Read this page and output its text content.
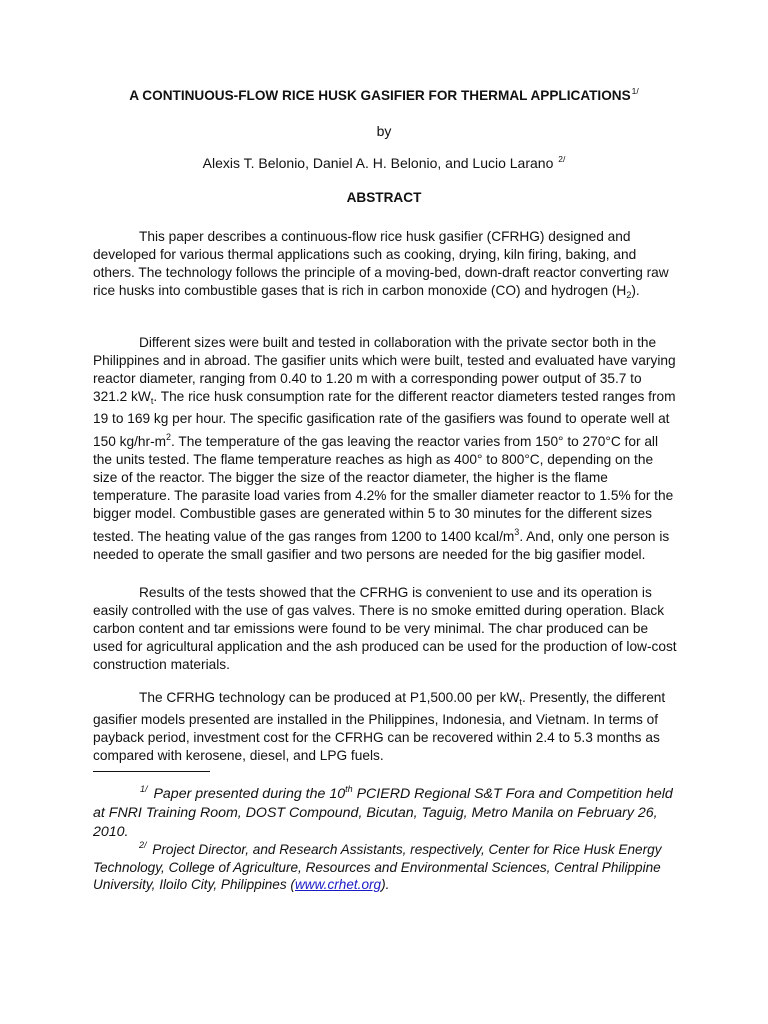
A CONTINUOUS-FLOW RICE HUSK GASIFIER FOR THERMAL $APPLICATIONS^{1/}$
by
Alexis T. Belonio, Daniel A. H. Belonio, and Lucio Larano $^{2/}$
ABSTRACT

This paper describes a continuous-flow rice husk gasifier (CFRHG) designed and developed for various thermal applications such as cooking, drying, kiln firing, baking, and others. The technology follows the principle of a moving-bed, down-draft reactor converting raw rice husks into combustible gases that is rich in carbon monoxide (CO) and hydrogen $(H_2)$.

Different sizes were built and tested in collaboration with the private sector both in the Philippines and in abroad. The gasifier units which were built, tested and evaluated have varying reactor diameter, ranging from 0.40 to 1.20 m with a corresponding power output of 35.7 to 321.2 $kW_t$. The rice husk consumption rate for the different reactor diameters tested ranges from 19 to 169 kg per hour. The specific gasification rate of the gasifiers was found to operate well at 150 $kg/hr-m^2$. The temperature of the gas leaving the reactor varies from 150° to 270°C for all the units tested. The flame temperature reaches as high as 400° to 800°C, depending on the size of the reactor. The bigger the size of the reactor diameter, the higher is the flame temperature. The parasite load varies from 4.2% for the smaller diameter reactor to 1.5% for the bigger model. Combustible gases are generated within 5 to 30 minutes for the different sizes tested. The heating value of the gas ranges from 1200 to 1400 kcal/$m^3$. And, only one person is needed to operate the small gasifier and two persons are needed for the big gasifier model.

Results of the tests showed that the CFRHG is convenient to use and its operation is easily controlled with the use of gas valves. There is no smoke emitted during operation. Black carbon content and tar emissions were found to be very minimal. The char produced can be used for agricultural application and the ash produced can be used for the production of low-cost construction materials.

The CFRHG technology can be produced at P1,500.00 per $kW_t$. Presently, the different gasifier models presented are installed in the Philippines, Indonesia, and Vietnam. In terms of payback period, investment cost for the CFRHG can be recovered within 2.4 to 5.3 months as compared with kerosene, diesel, and LPG fuels.

$^{1/}$ Paper presented during the 10th PCIERD Regional S&T Fora and Competition held at FNRI Training Room, DOST Compound, Bicutan, Taguig, Metro Manila on February 26, 2010.

$^{2/}$ Project Director, and Research Assistants, respectively, Center for Rice Husk Energy Technology, College of Agriculture, Resources and Environmental Sciences, Central Philippine University, Iloilo City, Philippines (www.crhet.org).
